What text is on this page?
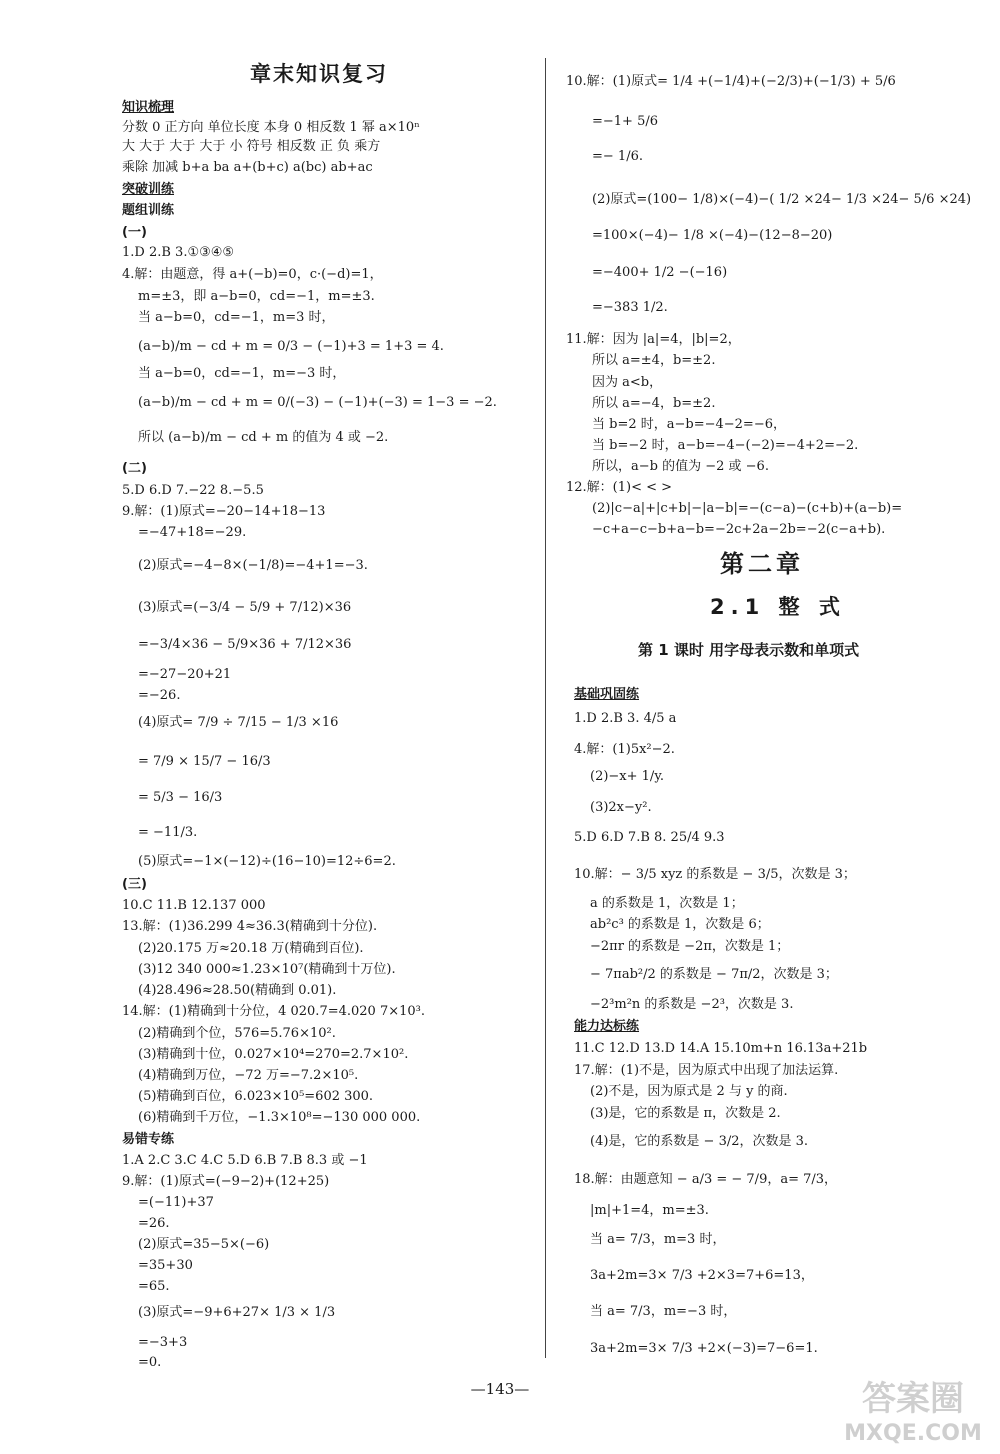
章末知识复习
知识梳理
分数 0 正方向 单位长度 本身 0 相反数 1 幂 a×10ⁿ
大 大于 大于 大于 小 符号 相反数 正 负 乘方
乘除 加减 b+a ba a+(b+c) a(bc) ab+ac
突破训练
题组训练
(一)
1.D 2.B 3.①③④⑤
4.解：由题意，得 a+(−b)=0，c·(−d)=1，
m=±3，即 a−b=0，cd=−1，m=±3.
当 a−b=0，cd=−1，m=3 时，
(a−b)/m − cd + m = 0/3 − (−1)+3 = 1+3 = 4.
当 a−b=0，cd=−1，m=−3 时，
(a−b)/m − cd + m = 0/(−3) − (−1)+(−3) = 1−3 = −2.
所以 (a−b)/m − cd + m 的值为 4 或 −2.
(二)
5.D 6.D 7.−22 8.−5.5
9.解：(1)原式=−20−14+18−13
=−47+18=−29.
(2)原式=−4−8×(−1/8)=−4+1=−3.
(3)原式=(−3/4 − 5/9 + 7/12)×36
=−3/4×36 − 5/9×36 + 7/12×36
=−27−20+21
=−26.
(4)原式= 7/9 ÷ 7/15 − 1/3 ×16
= 7/9 × 15/7 − 16/3
= 5/3 − 16/3
= −11/3.
(5)原式=−1×(−12)÷(16−10)=12÷6=2.
(三)
10.C 11.B 12.137 000
13.解：(1)36.299 4≈36.3(精确到十分位).
(2)20.175 万≈20.18 万(精确到百位).
(3)12 340 000≈1.23×10⁷(精确到十万位).
(4)28.496≈28.50(精确到 0.01).
14.解：(1)精确到十分位，4 020.7=4.020 7×10³.
(2)精确到个位，576=5.76×10².
(3)精确到十位，0.027×10⁴=270=2.7×10².
(4)精确到万位，−72 万=−7.2×10⁵.
(5)精确到百位，6.023×10⁵=602 300.
(6)精确到千万位，−1.3×10⁸=−130 000 000.
易错专练
1.A 2.C 3.C 4.C 5.D 6.B 7.B 8.3 或 −1
9.解：(1)原式=(−9−2)+(12+25)
=(−11)+37
=26.
(2)原式=35−5×(−6)
=35+30
=65.
(3)原式=−9+6+27× 1/3 × 1/3
=−3+3
=0.
10.解：(1)原式= 1/4 +(−1/4)+(−2/3)+(−1/3) + 5/6
=−1+ 5/6
=− 1/6.
(2)原式=(100− 1/8)×(−4)−( 1/2 ×24− 1/3 ×24− 5/6 ×24)
=100×(−4)− 1/8 ×(−4)−(12−8−20)
=−400+ 1/2 −(−16)
=−383 1/2.
11.解：因为 |a|=4，|b|=2，
所以 a=±4，b=±2.
因为 a<b，
所以 a=−4，b=±2.
当 b=2 时，a−b=−4−2=−6，
当 b=−2 时，a−b=−4−(−2)=−4+2=−2.
所以，a−b 的值为 −2 或 −6.
12.解：(1)< < >
(2)|c−a|+|c+b|−|a−b|=−(c−a)−(c+b)+(a−b)=
−c+a−c−b+a−b=−2c+2a−2b=−2(c−a+b).
第二章
2.1 整 式
第 1 课时 用字母表示数和单项式
基础巩固练
1.D 2.B 3. 4/5 a
4.解：(1)5x²−2.
(2)−x+ 1/y.
(3)2x−y².
5.D 6.D 7.B 8. 25/4 9.3
10.解：− 3/5 xyz 的系数是 − 3/5，次数是 3；
a 的系数是 1，次数是 1；
ab²c³ 的系数是 1，次数是 6；
−2πr 的系数是 −2π，次数是 1；
− 7πab²/2 的系数是 − 7π/2，次数是 3；
−2³m²n 的系数是 −2³，次数是 3.
能力达标练
11.C 12.D 13.D 14.A 15.10m+n 16.13a+21b
17.解：(1)不是，因为原式中出现了加法运算.
(2)不是，因为原式是 2 与 y 的商.
(3)是，它的系数是 π，次数是 2.
(4)是，它的系数是 − 3/2，次数是 3.
18.解：由题意知 − a/3 = − 7/9，a= 7/3，
|m|+1=4，m=±3.
当 a= 7/3，m=3 时，
3a+2m=3× 7/3 +2×3=7+6=13，
当 a= 7/3，m=−3 时，
3a+2m=3× 7/3 +2×(−3)=7−6=1.
—143—	答案圈
MXQE.COM
